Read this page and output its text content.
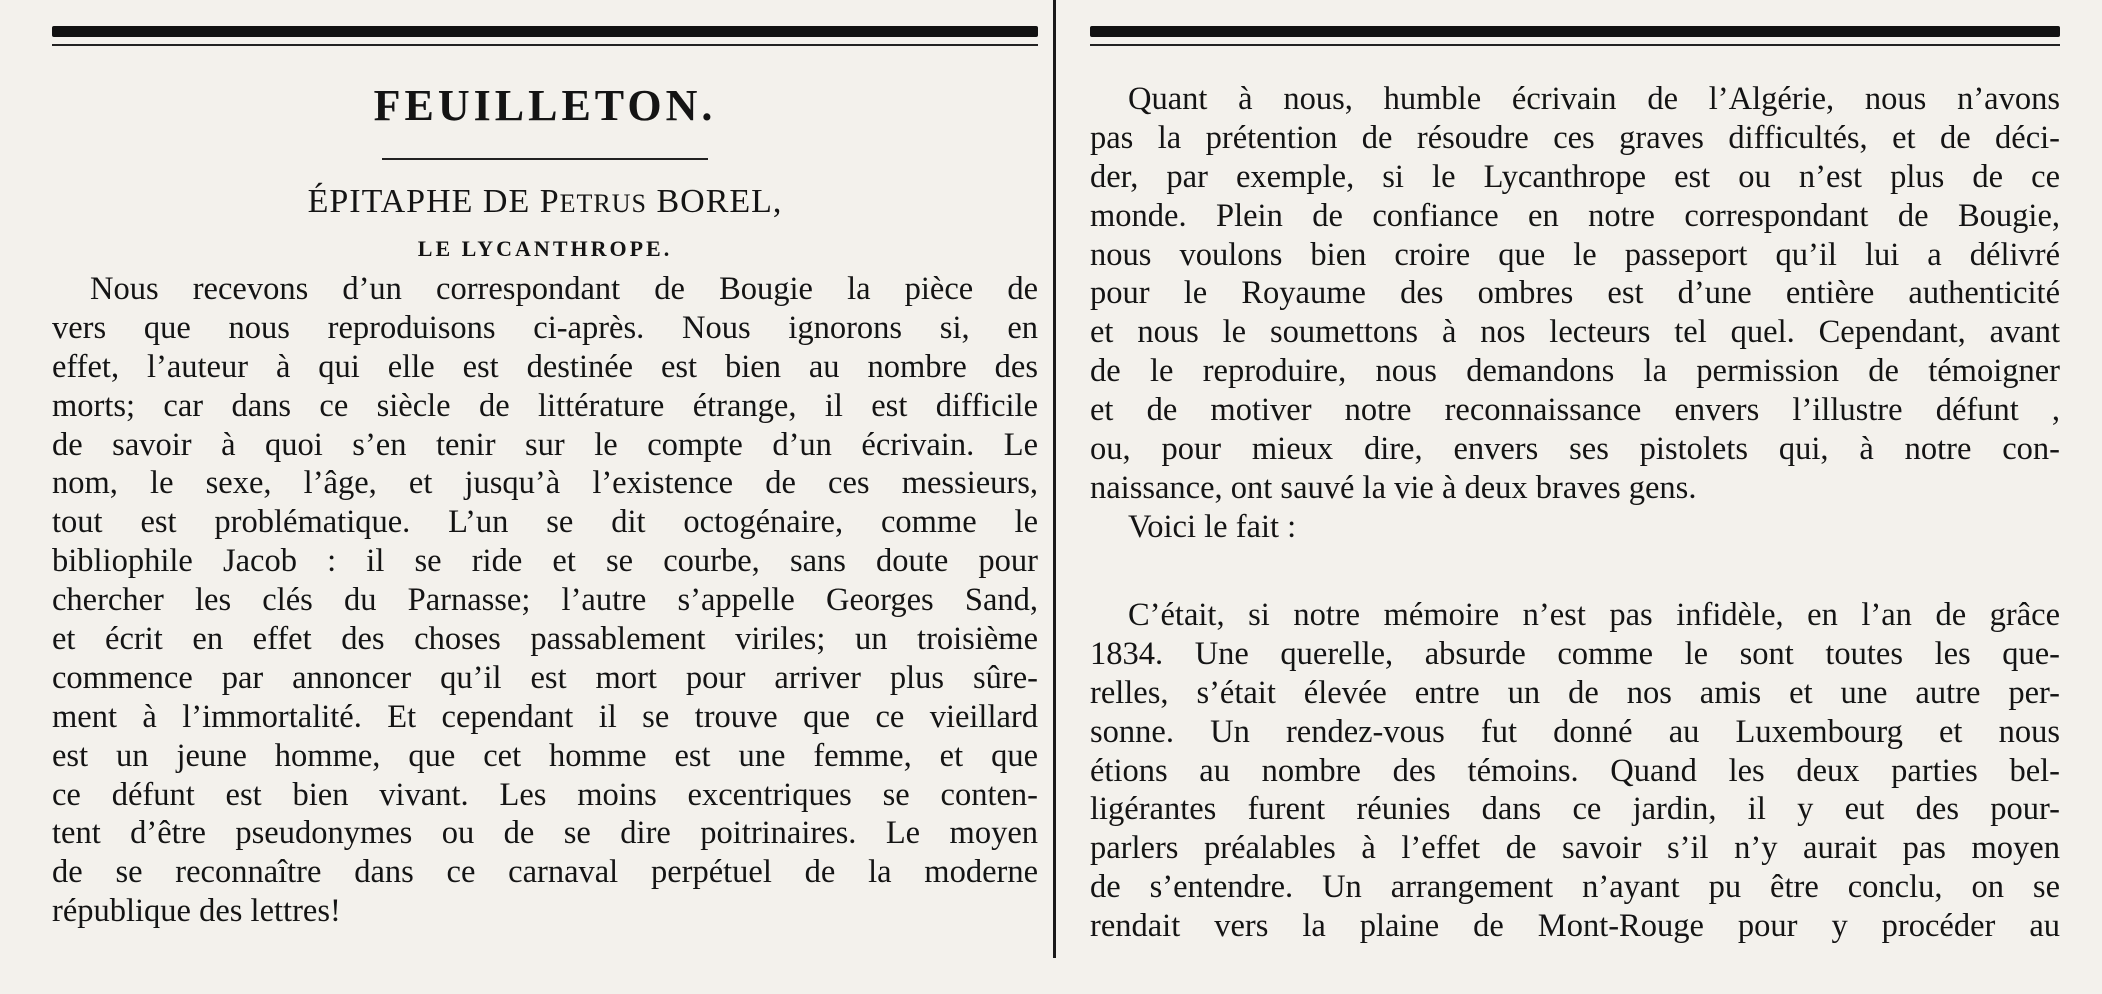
FEUILLETON.
ÉPITAPHE DE PETRUS BOREL,
LE LYCANTHROPE.
Nous recevons d’un correspondant de Bougie la pièce de
vers que nous reproduisons ci-après. Nous ignorons si, en
effet, l’auteur à qui elle est destinée est bien au nombre des
morts; car dans ce siècle de littérature étrange, il est difficile
de savoir à quoi s’en tenir sur le compte d’un écrivain. Le
nom, le sexe, l’âge, et jusqu’à l’existence de ces messieurs,
tout est problématique. L’un se dit octogénaire, comme le
bibliophile Jacob : il se ride et se courbe, sans doute pour
chercher les clés du Parnasse; l’autre s’appelle Georges Sand,
et écrit en effet des choses passablement viriles; un troisième
commence par annoncer qu’il est mort pour arriver plus sûre-
ment à l’immortalité. Et cependant il se trouve que ce vieillard
est un jeune homme, que cet homme est une femme, et que
ce défunt est bien vivant. Les moins excentriques se conten-
tent d’être pseudonymes ou de se dire poitrinaires. Le moyen
de se reconnaître dans ce carnaval perpétuel de la moderne
république des lettres!
Quant à nous, humble écrivain de l’Algérie, nous n’avons
pas la prétention de résoudre ces graves difficultés, et de déci-
der, par exemple, si le Lycanthrope est ou n’est plus de ce
monde. Plein de confiance en notre correspondant de Bougie,
nous voulons bien croire que le passeport qu’il lui a délivré
pour le Royaume des ombres est d’une entière authenticité
et nous le soumettons à nos lecteurs tel quel. Cependant, avant
de le reproduire, nous demandons la permission de témoigner
et de motiver notre reconnaissance envers l’illustre défunt ,
ou, pour mieux dire, envers ses pistolets qui, à notre con-
naissance, ont sauvé la vie à deux braves gens.
Voici le fait :
C’était, si notre mémoire n’est pas infidèle, en l’an de grâce
1834. Une querelle, absurde comme le sont toutes les que-
relles, s’était élevée entre un de nos amis et une autre per-
sonne. Un rendez-vous fut donné au Luxembourg et nous
étions au nombre des témoins. Quand les deux parties bel-
ligérantes furent réunies dans ce jardin, il y eut des pour-
parlers préalables à l’effet de savoir s’il n’y aurait pas moyen
de s’entendre. Un arrangement n’ayant pu être conclu, on se
rendait vers la plaine de Mont-Rouge pour y procéder au
